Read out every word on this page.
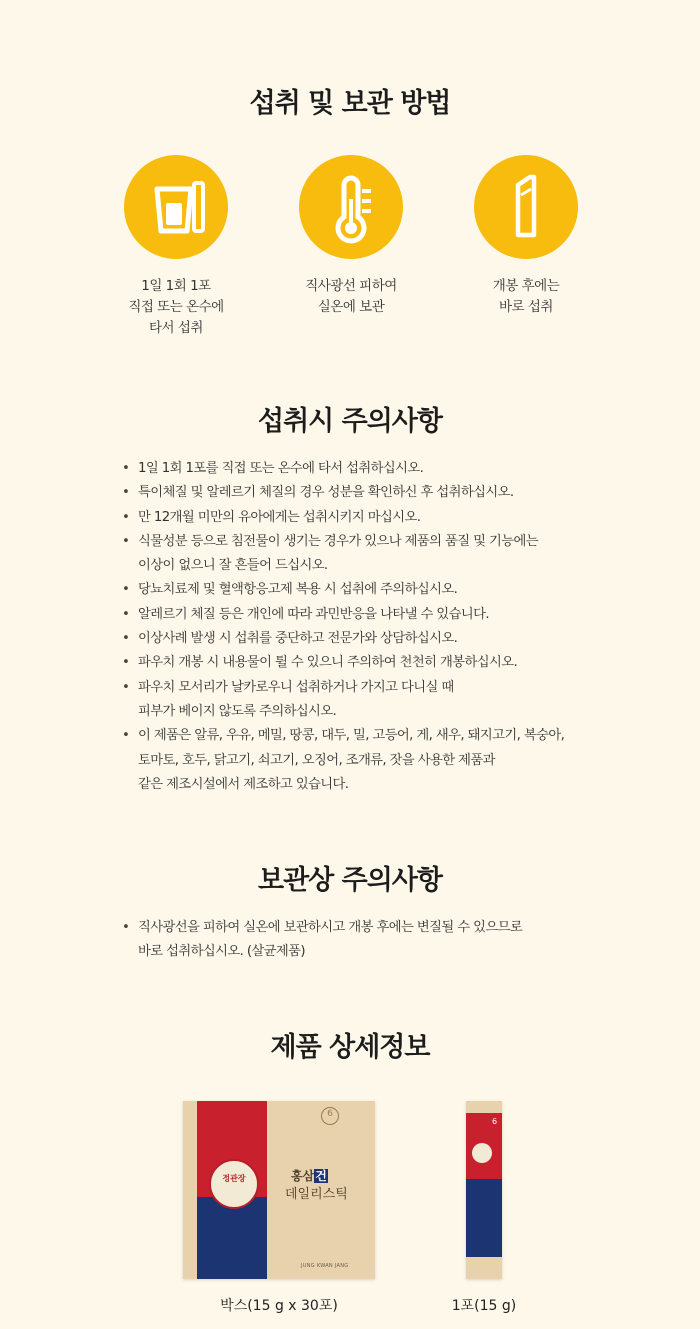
섭취 및 보관 방법
1일 1회 1포
직접 또는 온수에
타서 섭취
직사광선 피하여
실온에 보관
개봉 후에는
바로 섭취
섭취시 주의사항
• 1일 1회 1포를 직접 또는 온수에 타서 섭취하십시오.
• 특이체질 및 알레르기 체질의 경우 성분을 확인하신 후 섭취하십시오.
• 만 12개월 미만의 유아에게는 섭취시키지 마십시오.
• 식물성분 등으로 침전물이 생기는 경우가 있으나 제품의 품질 및 기능에는
이상이 없으니 잘 흔들어 드십시오.
• 당뇨치료제 및 혈액항응고제 복용 시 섭취에 주의하십시오.
• 알레르기 체질 등은 개인에 따라 과민반응을 나타낼 수 있습니다.
• 이상사례 발생 시 섭취를 중단하고 전문가와 상담하십시오.
• 파우치 개봉 시 내용물이 튈 수 있으니 주의하여 천천히 개봉하십시오.
• 파우치 모서리가 날카로우니 섭취하거나 가지고 다니실 때
피부가 베이지 않도록 주의하십시오.
• 이 제품은 알류, 우유, 메밀, 땅콩, 대두, 밀, 고등어, 게, 새우, 돼지고기, 복숭아,
토마토, 호두, 닭고기, 쇠고기, 오징어, 조개류, 잣을 사용한 제품과
같은 제조시설에서 제조하고 있습니다.
보관상 주의사항
• 직사광선을 피하여 실온에 보관하시고 개봉 후에는 변질될 수 있으므로
바로 섭취하십시오. (살균제품)
제품 상세정보
정관장
6
홍삼건
데일리스틱
JUNG KWAN JANG
6
박스(15 g x 30포)	1포(15 g)
